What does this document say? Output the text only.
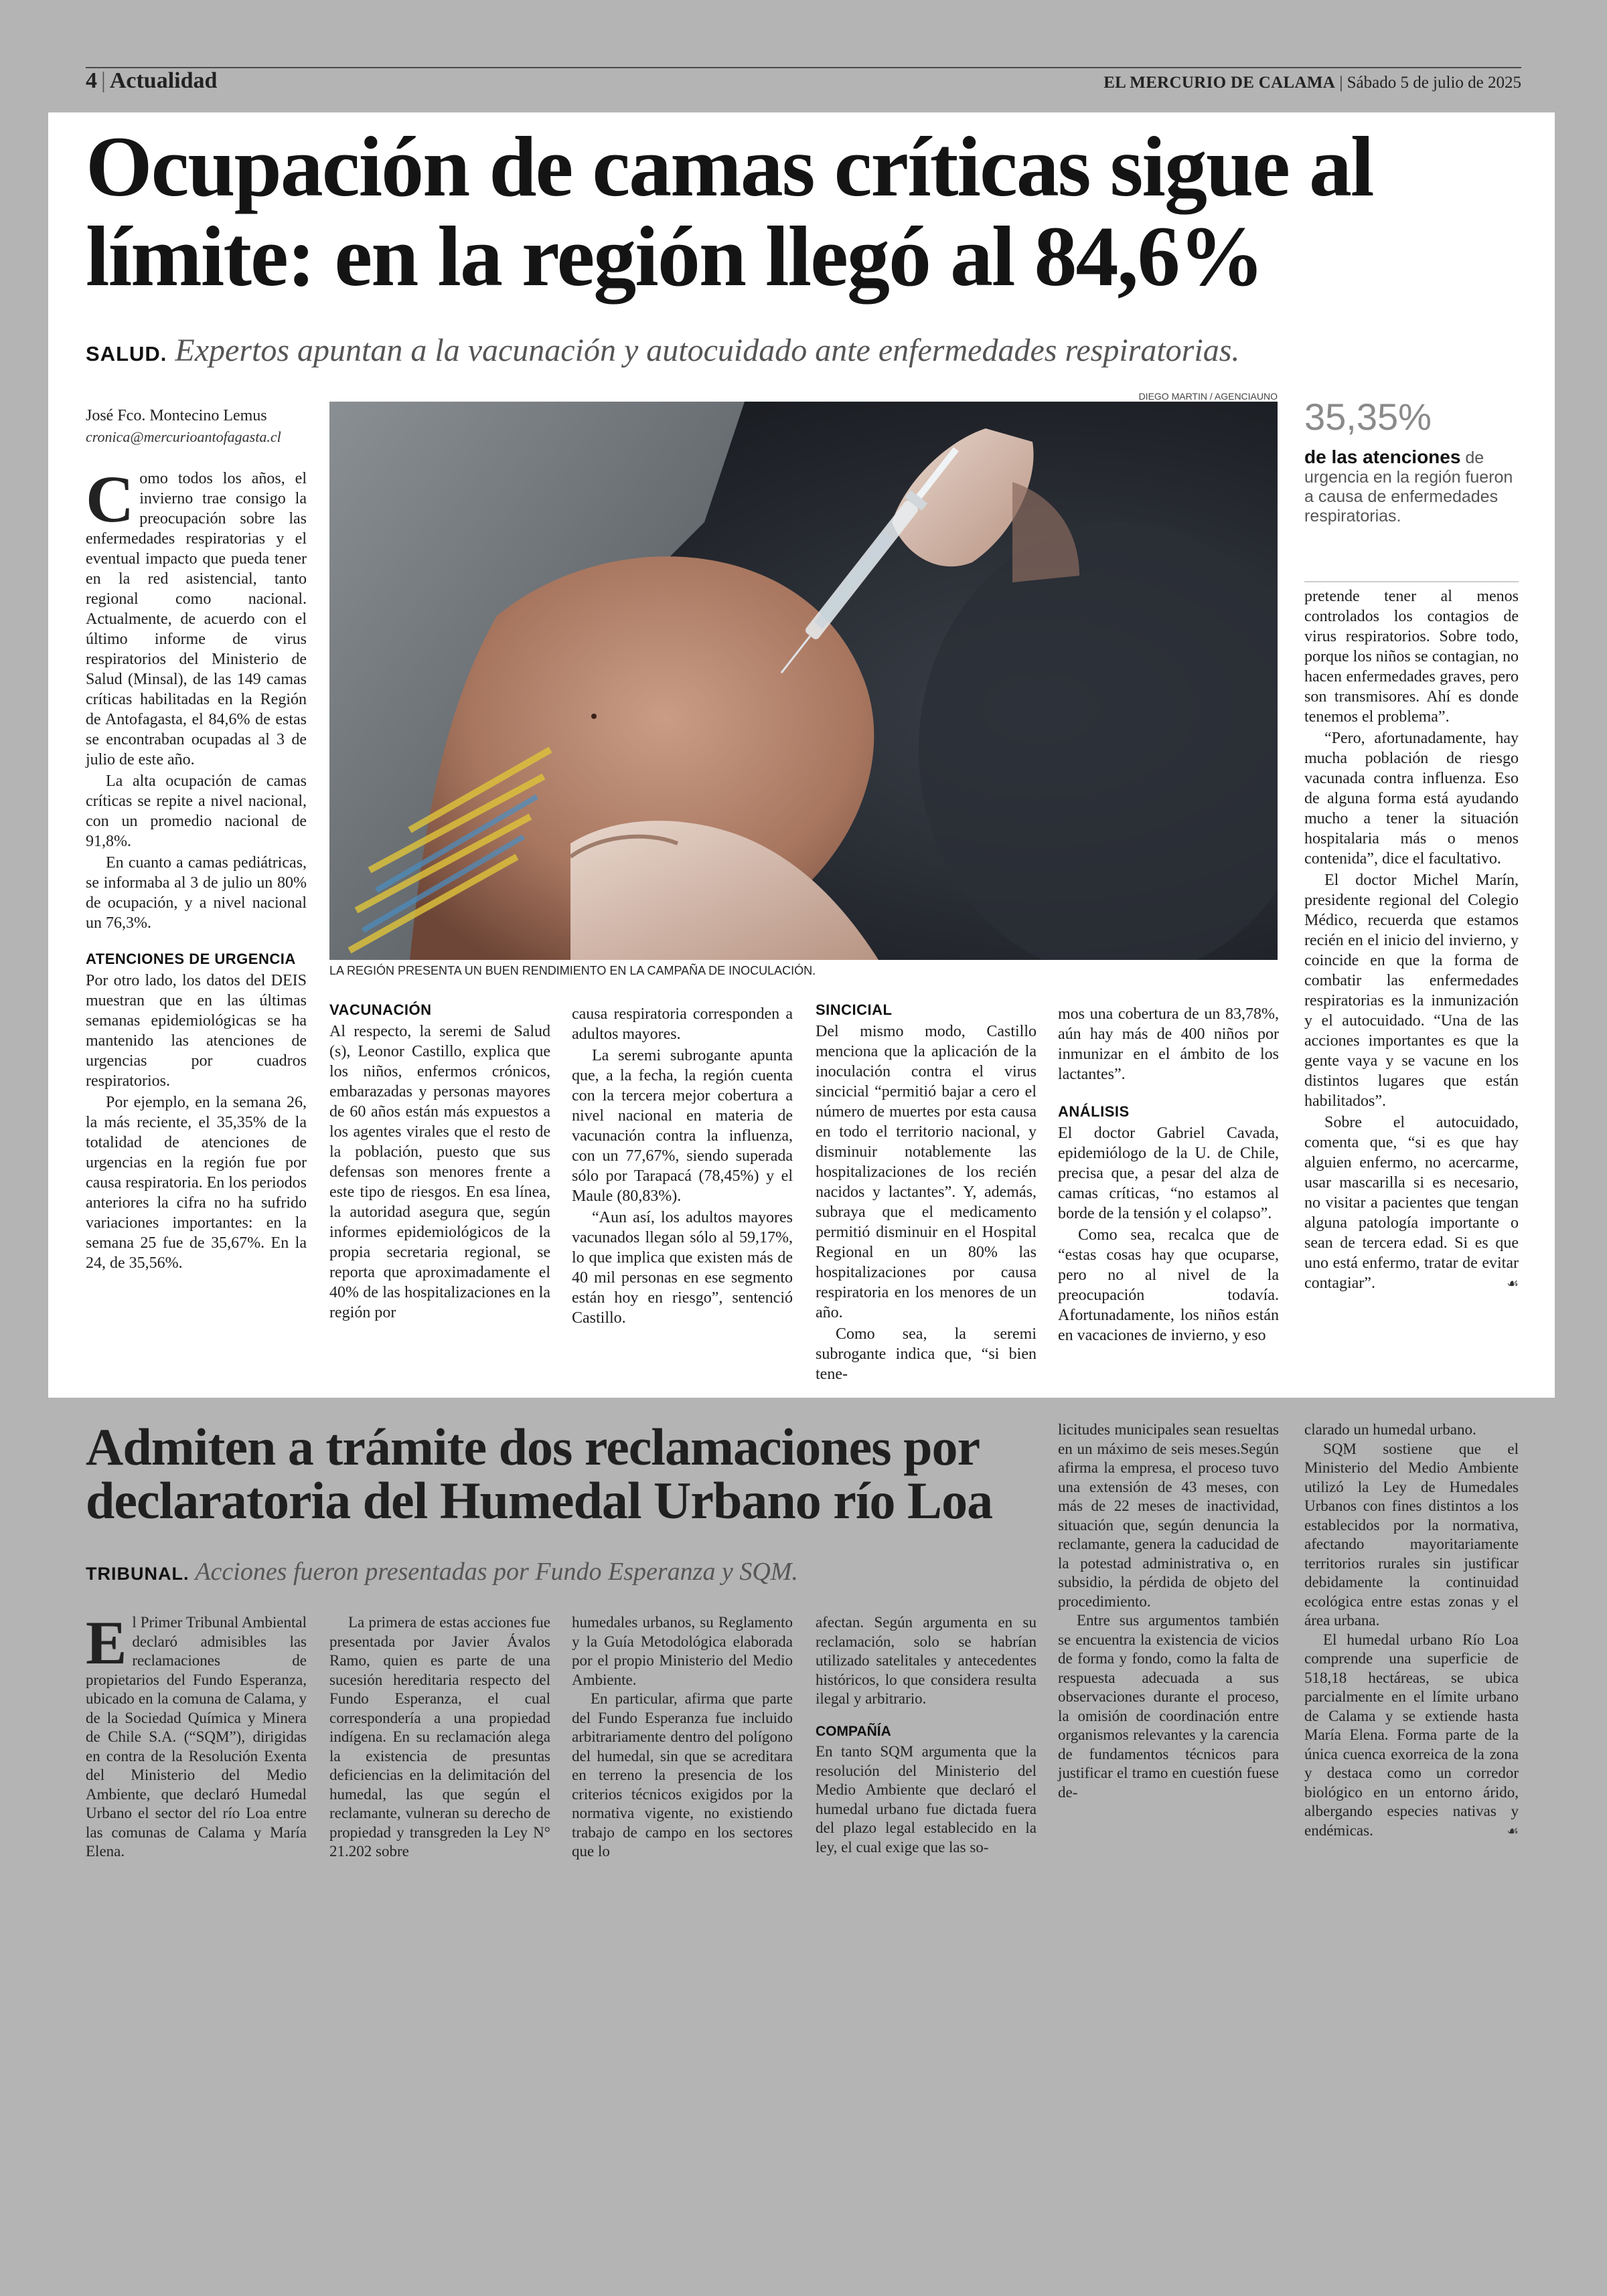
4 | Actualidad	EL MERCURIO DE CALAMA | Sábado 5 de julio de 2025
Ocupación de camas críticas sigue al límite: en la región llegó al 84,6%
SALUD. Expertos apuntan a la vacunación y autocuidado ante enfermedades respiratorias.
José Fco. Montecino Lemus
cronica@mercurioantofagasta.cl
DIEGO MARTIN / AGENCIAUNO
LA REGIÓN PRESENTA UN BUEN RENDIMIENTO EN LA CAMPAÑA DE INOCULACIÓN.
35,35%
de las atenciones de urgencia en la región fueron a causa de enfermedades respiratorias.

Como todos los años, el invierno trae consigo la preocupación sobre las enfermedades respiratorias y el eventual impacto que pueda tener en la red asistencial, tanto regional como nacional. Actualmente, de acuerdo con el último informe de virus respiratorios del Ministerio de Salud (Minsal), de las 149 camas críticas habilitadas en la Región de Antofagasta, el 84,6% de estas se encontraban ocupadas al 3 de julio de este año.

La alta ocupación de camas críticas se repite a nivel nacional, con un promedio nacional de 91,8%.

En cuanto a camas pediátricas, se informaba al 3 de julio un 80% de ocupación, y a nivel nacional un 76,3%.

ATENCIONES DE URGENCIA

Por otro lado, los datos del DEIS muestran que en las últimas semanas epidemiológicas se ha mantenido las atenciones de urgencias por cuadros respiratorios.

Por ejemplo, en la semana 26, la más reciente, el 35,35% de la totalidad de atenciones de urgencias en la región fue por causa respiratoria. En los periodos anteriores la cifra no ha sufrido variaciones importantes: en la semana 25 fue de 35,67%. En la 24, de 35,56%.

VACUNACIÓN

Al respecto, la seremi de Salud (s), Leonor Castillo, explica que los niños, enfermos crónicos, embarazadas y personas mayores de 60 años están más expuestos a los agentes virales que el resto de la población, puesto que sus defensas son menores frente a este tipo de riesgos. En esa línea, la autoridad asegura que, según informes epidemiológicos de la propia secretaria regional, se reporta que aproximadamente el 40% de las hospitalizaciones en la región por

causa respiratoria corresponden a adultos mayores.

La seremi subrogante apunta que, a la fecha, la región cuenta con la tercera mejor cobertura a nivel nacional en materia de vacunación contra la influenza, con un 77,67%, siendo superada sólo por Tarapacá (78,45%) y el Maule (80,83%).

“Aun así, los adultos mayores vacunados llegan sólo al 59,17%, lo que implica que existen más de 40 mil personas en ese segmento están hoy en riesgo”, sentenció Castillo.

SINCICIAL

Del mismo modo, Castillo menciona que la aplicación de la inoculación contra el virus sincicial “permitió bajar a cero el número de muertes por esta causa en todo el territorio nacional, y disminuir notablemente las hospitalizaciones de los recién nacidos y lactantes”. Y, además, subraya que el medicamento permitió disminuir en el Hospital Regional en un 80% las hospitalizaciones por causa respiratoria en los menores de un año.

Como sea, la seremi subrogante indica que, “si bien tene-

mos una cobertura de un 83,78%, aún hay más de 400 niños por inmunizar en el ámbito de los lactantes”.

ANÁLISIS

El doctor Gabriel Cavada, epidemiólogo de la U. de Chile, precisa que, a pesar del alza de camas críticas, “no estamos al borde de la tensión y el colapso”.

Como sea, recalca que de “estas cosas hay que ocuparse, pero no al nivel de la preocupación todavía. Afortunadamente, los niños están en vacaciones de invierno, y eso

pretende tener al menos controlados los contagios de virus respiratorios. Sobre todo, porque los niños se contagian, no hacen enfermedades graves, pero son transmisores. Ahí es donde tenemos el problema”.

“Pero, afortunadamente, hay mucha población de riesgo vacunada contra influenza. Eso de alguna forma está ayudando mucho a tener la situación hospitalaria más o menos contenida”, dice el facultativo.

El doctor Michel Marín, presidente regional del Colegio Médico, recuerda que estamos recién en el inicio del invierno, y coincide en que la forma de combatir las enfermedades respiratorias es la inmunización y el autocuidado. “Una de las acciones importantes es que la gente vaya y se vacune en los distintos lugares que están habilitados”.

Sobre el autocuidado, comenta que, “si es que hay alguien enfermo, no acercarme, usar mascarilla si es necesario, no visitar a pacientes que tengan alguna patología importante o sean de tercera edad. Si es que uno está enfermo, tratar de evitar contagiar”.	☙

Admiten a trámite dos reclamaciones por declaratoria del Humedal Urbano río Loa
TRIBUNAL. Acciones fueron presentadas por Fundo Esperanza y SQM.

El Primer Tribunal Ambiental declaró admisibles las reclamaciones de propietarios del Fundo Esperanza, ubicado en la comuna de Calama, y de la Sociedad Química y Minera de Chile S.A. (“SQM”), dirigidas en contra de la Resolución Exenta del Ministerio del Medio Ambiente, que declaró Humedal Urbano el sector del río Loa entre las comunas de Calama y María Elena.

La primera de estas acciones fue presentada por Javier Ávalos Ramo, quien es parte de una sucesión hereditaria respecto del Fundo Esperanza, el cual correspondería a una propiedad indígena. En su reclamación alega la existencia de presuntas deficiencias en la delimitación del humedal, las que según el reclamante, vulneran su derecho de propiedad y transgreden la Ley N° 21.202 sobre

humedales urbanos, su Reglamento y la Guía Metodológica elaborada por el propio Ministerio del Medio Ambiente.

En particular, afirma que parte del Fundo Esperanza fue incluido arbitrariamente dentro del polígono del humedal, sin que se acreditara en terreno la presencia de los criterios técnicos exigidos por la normativa vigente, no existiendo trabajo de campo en los sectores que lo

afectan. Según argumenta en su reclamación, solo se habrían utilizado satelitales y antecedentes históricos, lo que considera resulta ilegal y arbitrario.

COMPAÑÍA

En tanto SQM argumenta que la resolución del Ministerio del Medio Ambiente que declaró el humedal urbano fue dictada fuera del plazo legal establecido en la ley, el cual exige que las so-

licitudes municipales sean resueltas en un máximo de seis meses.Según afirma la empresa, el proceso tuvo una extensión de 43 meses, con más de 22 meses de inactividad, situación que, según denuncia la reclamante, genera la caducidad de la potestad administrativa o, en subsidio, la pérdida de objeto del procedimiento.

Entre sus argumentos también se encuentra la existencia de vicios de forma y fondo, como la falta de respuesta adecuada a sus observaciones durante el proceso, la omisión de coordinación entre organismos relevantes y la carencia de fundamentos técnicos para justificar el tramo en cuestión fuese de-

clarado un humedal urbano.

SQM sostiene que el Ministerio del Medio Ambiente utilizó la Ley de Humedales Urbanos con fines distintos a los establecidos por la normativa, afectando mayoritariamente territorios rurales sin justificar debidamente la continuidad ecológica entre estas zonas y el área urbana.

El humedal urbano Río Loa comprende una superficie de 518,18 hectáreas, se ubica parcialmente en el límite urbano de Calama y se extiende hasta María Elena. Forma parte de la única cuenca exorreica de la zona y destaca como un corredor biológico en un entorno árido, albergando especies nativas y endémicas.	☙
